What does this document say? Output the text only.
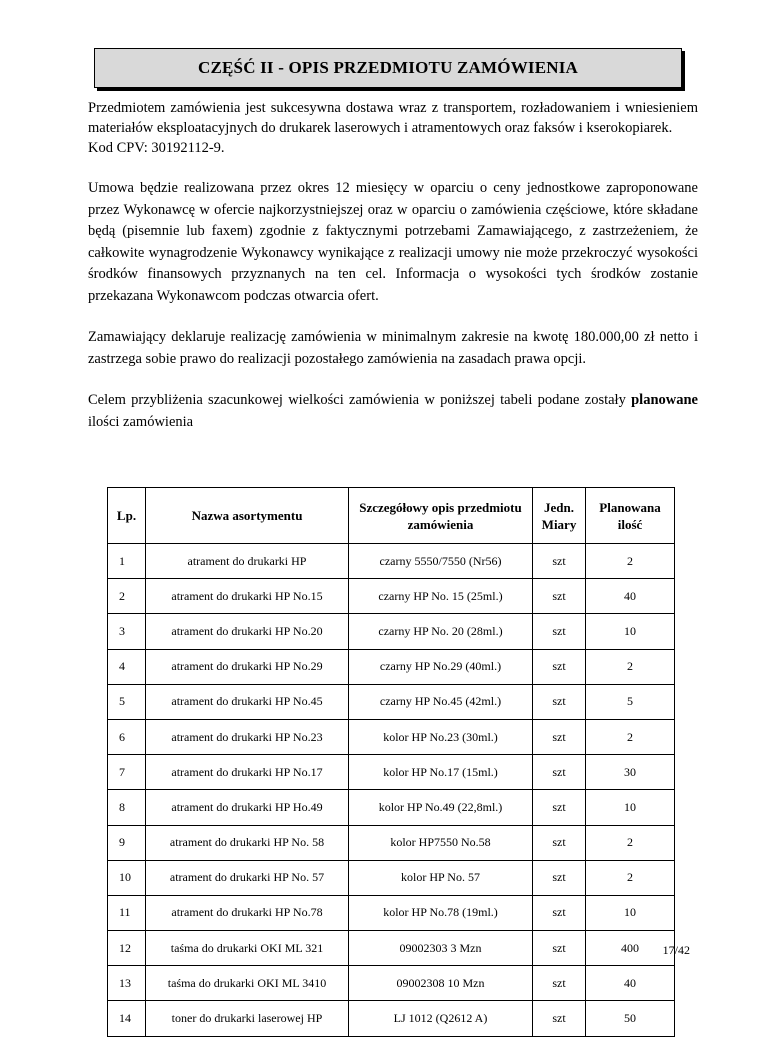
CZĘŚĆ II - OPIS PRZEDMIOTU ZAMÓWIENIA

Przedmiotem zamówienia jest sukcesywna dostawa wraz z transportem, rozładowaniem i wniesieniem materiałów eksploatacyjnych do drukarek laserowych i atramentowych oraz faksów i kserokopiarek.

Kod CPV: 30192112-9.

Umowa będzie realizowana przez okres 12 miesięcy w oparciu o ceny jednostkowe zaproponowane przez Wykonawcę w ofercie najkorzystniejszej oraz w oparciu o zamówienia częściowe, które składane będą (pisemnie lub faxem) zgodnie z faktycznymi potrzebami Zamawiającego, z zastrzeżeniem, że całkowite wynagrodzenie Wykonawcy wynikające z realizacji umowy nie może przekroczyć wysokości środków finansowych przyznanych na ten cel. Informacja o wysokości tych środków zostanie przekazana Wykonawcom podczas otwarcia ofert.

Zamawiający deklaruje realizację zamówienia w minimalnym zakresie na kwotę 180.000,00 zł netto i zastrzega sobie prawo do realizacji pozostałego zamówienia na zasadach prawa opcji.

Celem przybliżenia szacunkowej wielkości zamówienia w poniższej tabeli podane zostały planowane ilości zamówienia

Lp.	Nazwa asortymentu	Szczegółowy opis przedmiotu zamówienia	Jedn. Miary	Planowana ilość
1	atrament do drukarki HP	czarny 5550/7550 (Nr56)	szt	2
2	atrament do drukarki HP No.15	czarny HP No. 15 (25ml.)	szt	40
3	atrament do drukarki HP No.20	czarny HP No. 20 (28ml.)	szt	10
4	atrament do drukarki HP No.29	czarny HP No.29 (40ml.)	szt	2
5	atrament do drukarki HP No.45	czarny HP No.45 (42ml.)	szt	5
6	atrament do drukarki HP No.23	kolor HP No.23 (30ml.)	szt	2
7	atrament do drukarki HP No.17	kolor HP No.17 (15ml.)	szt	30
8	atrament do drukarki HP Ho.49	kolor HP No.49 (22,8ml.)	szt	10
9	atrament do drukarki HP No. 58	kolor HP7550 No.58	szt	2
10	atrament do drukarki HP No. 57	kolor HP No. 57	szt	2
11	atrament do drukarki HP No.78	kolor HP No.78 (19ml.)	szt	10
12	taśma do drukarki OKI ML 321	09002303 3 Mzn	szt	400
13	taśma do drukarki OKI ML 3410	09002308 10 Mzn	szt	40
14	toner do drukarki laserowej HP	LJ 1012 (Q2612 A)	szt	50
17/42
